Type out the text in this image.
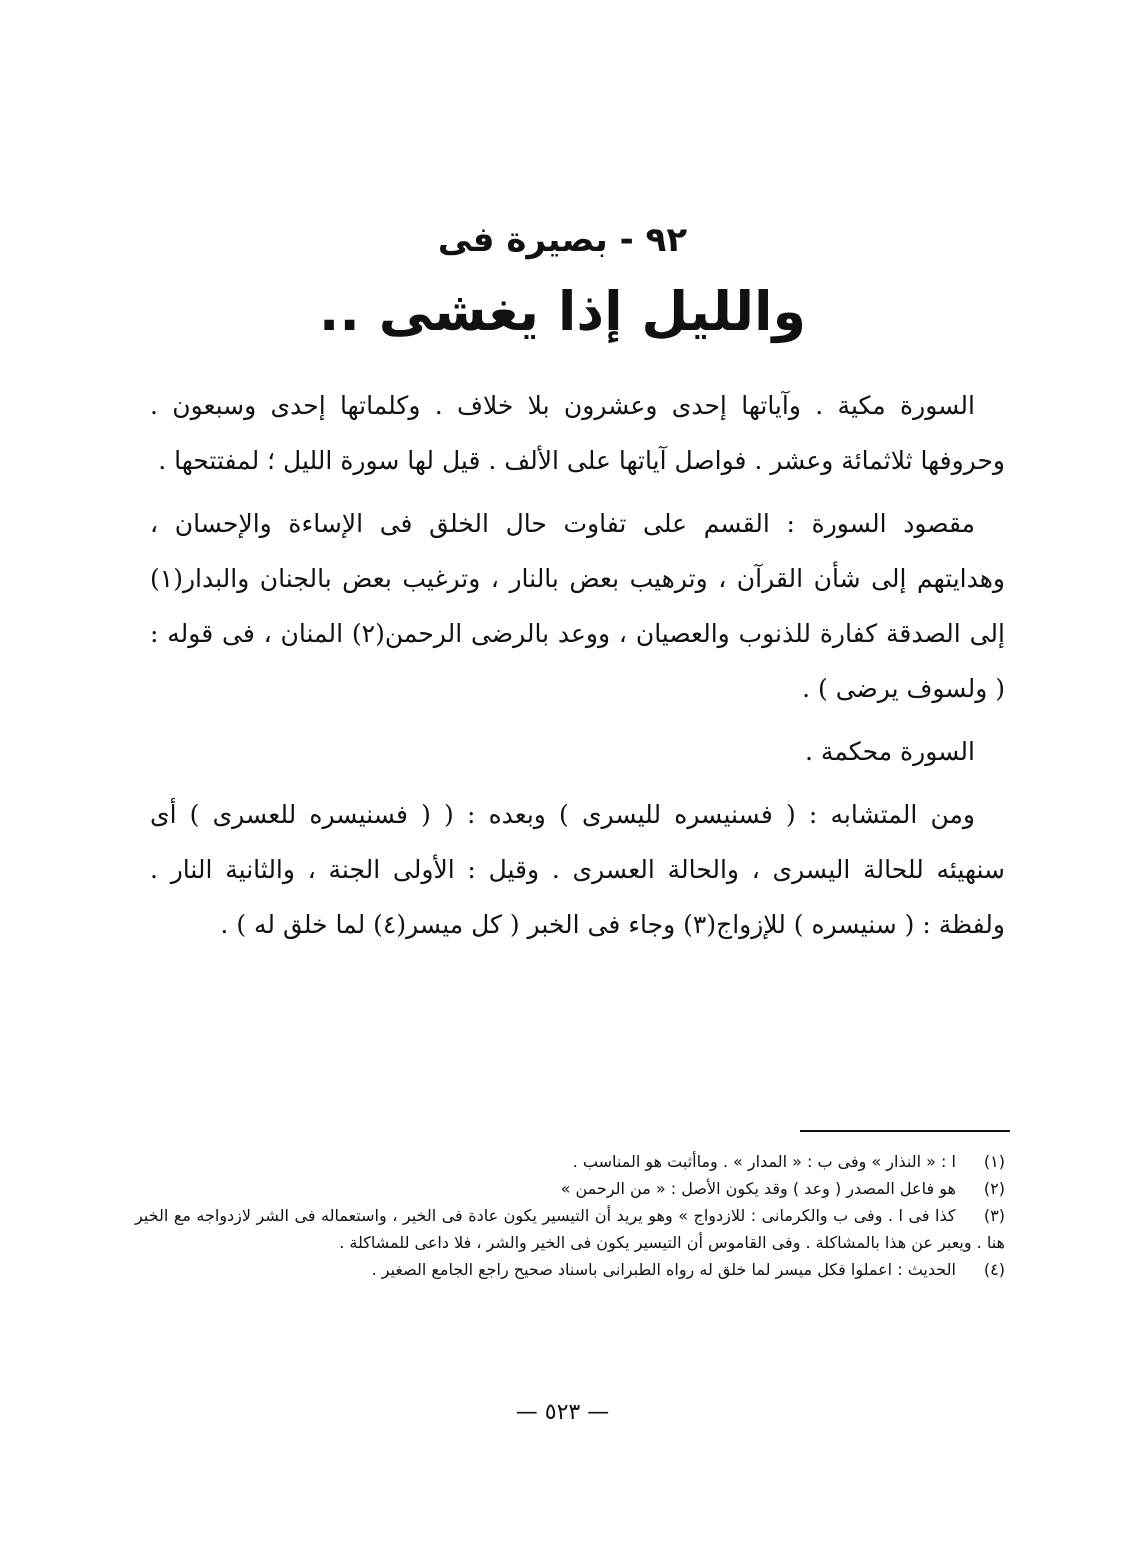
٩٢ - بصيرة فى
والليل إذا يغشى ..

السورة مكية . وآياتها إحدى وعشرون بلا خلاف . وكلماتها إحدى وسبعون . وحروفها ثلاثمائة وعشر . فواصل آياتها على الألف . قيل لها سورة الليل ؛ لمفتتحها .

مقصود السورة : القسم على تفاوت حال الخلق فى الإساءة والإحسان ، وهدايتهم إلى شأن القرآن ، وترهيب بعض بالنار ، وترغيب بعض بالجنان والبدار(١) إلى الصدقة كفارة للذنوب والعصيان ، ووعد بالرضى الرحمن(٢) المنان ، فى قوله : ( ولسوف يرضى ) .

السورة محكمة .

ومن المتشابه : ( فسنيسره لليسرى ) وبعده : ( ( فسنيسره للعسرى ) أى سنهيئه للحالة اليسرى ، والحالة العسرى . وقيل : الأولى الجنة ، والثانية النار . ولفظة : ( سنيسره ) للإزواج(٣) وجاء فى الخبر ( كل ميسر(٤) لما خلق له ) .

(١) ا : « النذار » وفى ب : « المدار » . وماأثبت هو المناسب .

(٢) هو فاعل المصدر ( وعد ) وقد يكون الأصل : « من الرحمن »

(٣) كذا فى ا . وفى ب والكرمانى : للازدواج » وهو يريد أن التيسير يكون عادة فى الخير ، واستعماله فى الشر لازدواجه مع الخير هنا . ويعبر عن هذا بالمشاكلة . وفى القاموس أن التيسير يكون فى الخير والشر ، فلا داعى للمشاكلة .

(٤) الحديث : اعملوا فكل ميسر لما خلق له رواه الطبرانى باسناد صحيح راجع الجامع الصغير .

— ٥٢٣ —
